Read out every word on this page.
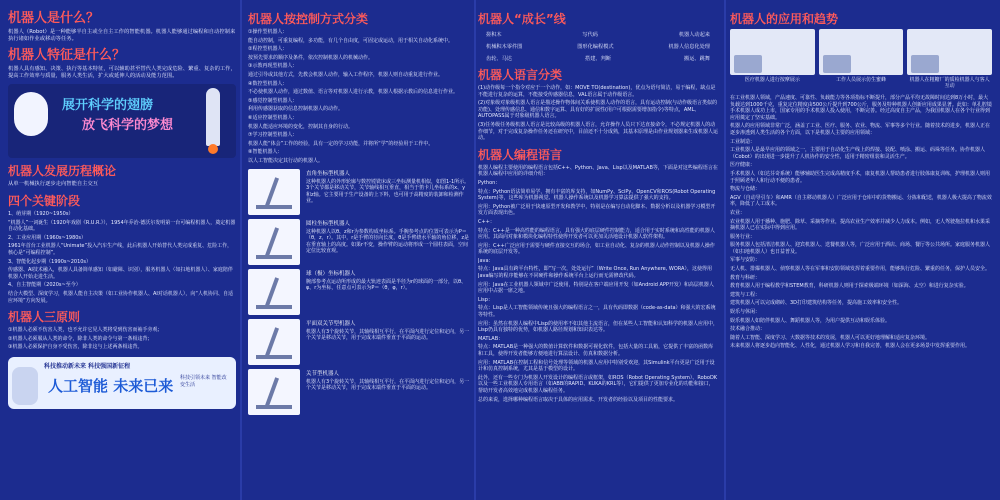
机器人是什么？

机器人（Robot）是一种能够半自主或全自主工作的智能机器。机器人能够通过编程和自动控制来执行诸如作业或移动等任务。

机器人特征是什么？

机器人具有感知、决策、执行等基本特征，可以辅助甚至替代人类完成危险、繁重、复杂的工作，提高工作效率与质量，服务人类生活，扩大或延伸人的活动及能力范围。

展开科学的翅膀
放飞科学的梦想
机器人发展历程概论

从单一机械执行逐步走向智能自主交互

四个关键阶段

1、萌芽期（1920~1950s）

“机器人”一词诞生（1920年戏剧《R.U.R.》），1954年乔治·德沃尔发明第一台可编程机器人，奠定机器自动化基础。

2、工业应用期（1960s~1980s）

1961年首台工业机器人“Unimate”投入汽车生产线，此后机器人开始替代人类完成重复、危险工作，核心是“可编程控制”。

3、智能化起步期（1990s~2010s）

传感器、AI技术融入，机器人具备简单感知（如避障、识别），服务机器人（如扫地机器人）、家庭陪伴机器人开始走进生活。

4、自主智能期（2020s~至今）

结合大模型、深度学习，机器人能自主决策（如工业协作机器人、AI对话机器人），向“人机协同、自适应环境”方向发展。

机器人三原则

①机器人必须不伤害人类，也不允许它见人类将受到伤害而袖手旁观；

②机器人必须服从人类的命令，除非人类的命令与第一条相违背；

③机器人必须保护自身不受伤害，除非这与上述两条相违背。

科技推动新未来 科技强国新征程
人工智能 未来已来 科技引领未来 智能改变生活
机器人按控制方式分类

①操作型机器人：

能自动控制，可重复编程，多功能，有几个自由度，可固定或运动，用于相关自动化系统中。

②程控型机器人：

按预先要求的顺序及条件，依次控制机器人的机械动作。

③示教再现型机器人：

通过引导或其他方式，先教会机器人动作，输入工作程序，机器人则自动重复进行作业。

④数控型机器人：

不必使机器人动作，通过数值、语言等对机器人进行示教，机器人根据示教后的信息进行作业。

⑤感觉控制型机器人：

利用传感器获取的信息控制机器人的动作。

⑥适应控制型机器人：

机器人能适应环境的变化，控制其自身的行动。

⑦学习控制型机器人：

机器人能“体会”工作的经验，具有一定的学习功能，并将所“学”的经验用于工作中。

⑧智能机器人：

以人工智能决定其行动的机器人。

直角坐标型机器人

这种机器人的外形轮廓与数控镗铣床或三坐标测量机相似，如图1-1所示。3个关节都是移动关节，关节轴线相互垂直，相当于笛卡儿坐标系的x、y和z轴。它主要用于生产设备的上下料，也可用于高精度的装卸和检测作业。

圆柱坐标型机器人

这种机器人以θ、z和r为参数构成坐标系。手腕参考点的位置可表示为P＝（θ，z，r）。其中，r是手臂的径向长度，θ是手臂绕水平轴的角位移，z是在垂直轴上的高度。如果r不变，操作臂的运动将形成一个圆柱表面，空间定位比较直观。

球（极）坐标机器人

腕部参考点运动所形成的最大轨迹表面是半径为r的球面的一部分，以θ、φ、r为坐标，任意点可表示为P＝（θ，φ，r）。

平面双关节型机器人

机器人有3个旋转关节，其轴线相互平行，在平面内进行定位和定向，另一个关节是移动关节，用于完成末端件垂直于平面的运动。

关节型机器人

机器人有3个旋转关节，其轴线相互平行，在平面内进行定位和定向，另一个关节是移动关节，用于完成末端件垂直于平面的运动。

机器人“成长”线
搓积木	写代码	机器人动起来
机械积木零件图	图形化编程模式	机器人信息化处理
齿轮、马达	搭建、判断	搬运、跳舞
机器人语言分类

(1)动作级每一个指令对应于一个动作，如：MOVE TO(destination)，优点为语句简洁，易于编程，缺点是不能进行复杂的运算，不能接受传感器信息，VAL语言属于动作级语言。

(2)对象级对象级机器人语言是描述操作物体间关系使机器人动作的语言，具有运动控制(与动作级语言类似的功能)、处理传感信息、通信和数字运算、具有好的扩展性(用户可根据需要增加指令)等特点，AML、AUTOPASS属于对象级机器人语言。

(3)任务级任务级机器人语言是比较高级的机器人语言，允许操作人员只下达直接命令，不必规定机器人的动作细节，对于完成复杂操作任务还在研究中，目前还不十分成熟，其基本原理是由作业规划器来生成机器人运动。

机器人编程语言

机器人编程主要使用的编程语言包括C++、Python、Java、Lisp以及MATLAB等，下面是对这些编程语言在机器人编程中应用的详细介绍：

Python：

特点：Python语法简单易学，拥有丰富的库支持，如NumPy、SciPy、OpenCV和ROS(Robot Operating System)等，这些库为机器视觉、机器人操作系统以及机器学习算法提供了强大的支持。

应用：Python被广泛用于快速原型开发和教学中，特别是在编写自动化脚本、数据分析以及机器学习模型开发方面表现出色。

C++：

特点：C++是一种高性能的编程语言，具有强大的底层硬件控制能力，适合用于实时系统和高性能的机器人应用。其面向对象和模块化编程特性使得开发者可以更加灵活地设计机器人软件架构。

应用：C++广泛应用于需要与硬件直接交互的场合，如工业自动化、复杂的机器人动作控制以及机器人操作系统的底层开发等。

Java：

特点：Java具有跨平台特性，即“写一次，处处运行”（Write Once, Run Anywhere, WORA），这使得用Java编写的程序能够在不同硬件和操作系统平台上运行而无需修改代码。

应用：Java在工业机器人领域中广泛使用，特别是在客户端应用开发（如Android APP开发）和高层机器人应用中占据一席之地。

Lisp：

特点：Lisp是人工智能领域传统且强大的编程语言之一，具有代码即数据（code-as-data）和强大的宏系统等特性。

应用：虽然在机器人编程中Lisp的使用率不如其他主流语言，但在某些人工智能和认知科学的机器人应用中，Lisp仍具有独特的优势，如机器人路径规划和知识表达等。

MATLAB：

特点：MATLAB是一种强大的数值计算软件和数据可视化软件，包括大量的工具箱，它提供了丰富的函数库和工具，使得开发者能够方便地进行算法设计、仿真和数据分析。

应用：MATLAB在控制工程和信号处理等领域的机器人应用中特别受欢迎，其Simulink平台更是广泛用于设计和仿真控制系统，尤其是基于模型的设计。

此外，还有一些专门为机器人开发设计的编程语言或框架，如ROS（Robot Operating System）、RoboDK以及一些工业机器人专用语言（如ABB的RAPID、KUKA的KRL等），它们提供了更加专业化的功能和接口，帮助开发者高效地完成机器人编程任务。

总的来说，选择哪种编程语言取决于具体的应用需求、开发者的经验以及项目的性能要求。

机器人的应用和趋势
医疗机器人进行按摩展示	工作人员展示仿生蜜蜂	机器人在粗糖厂的质检机器人与客人互动

在工业机器人领域，产品速度、可靠性、负载能力等各项指标不断提升，部分产品平均无故障时间达到8万小时，最大负载达到1000千克，重复定位精度由500公斤提升到700公斤，服务及特种机器人创新应用成果显著。此如：单孔腔镜手术机器人成功上市，国家专用的手术机器人投入使用，不断完善。经过高度自主产品，为我国机器人在各个行业得到应用奠定了坚实基础。

机器人的应用领域非常广泛，涵盖了工业、医疗、服务、农业、物流、军事等多个行业。随着技术的进步，机器人正在逐步渗透到人类生活的各个方面，以下是机器人主要的应用领域：

工业制造：

工业机器人是最早应用的领域之一，主要用于自动化生产线上的焊接、装配、喷涂、搬运、码垛等任务。协作机器人（Cobot）的出现进一步提升了人机协作的安全性，适用于精密组装和灵活生产。

医疗健康：

手术机器人（如达芬奇系统）能够辅助医生完成高精度手术，康复机器人帮助患者进行肢体康复训练，护理机器人则用于照顾老年人和行动不便的患者。

物流与仓储：

AGV（自动导引车）和AMR（自主移动机器人）广泛应用于仓库中的货物搬运、分拣和配送，机器人极大提高了物流效率，降低了人工成本。

农业：

农业机器人用于播种、施肥、除草、采摘等作业，提高农业生产效率并减少人力成本。例如，无人驾驶拖拉机和水果采摘机器人已在实际中得到应用。

服务行业：

服务机器人包括清洁机器人、迎宾机器人、送餐机器人等，广泛应用于酒店、商场、餐厅等公共场所。家庭服务机器人（如扫地机器人）也日益普及。

军事与安防：

无人机、排爆机器人、侦察机器人等在军事和安防领域发挥着重要作用，能够执行危险、繁重的任务，保护人员安全。

教育与科研：

教育机器人用于编程教学和STEM教育，科研机器人则用于探索极端环境（如深海、太空）和进行复杂实验。

建筑与工程：

建筑机器人可以完成砌砖、3D打印建筑结构等任务，提高施工效率和安全性。

娱乐与休闲：

娱乐机器人如陪伴机器人、舞蹈机器人等，为用户提供互动和娱乐体验。

技术融合推动：

随着人工智能、深度学习、大数据等技术的发展，机器人可以更好地理解和适应复杂环境。

未来机器人将逐步趋向智能化、人性化，通过机器人学习和自我完善，机器人会在更多场景中发挥重要作用。
